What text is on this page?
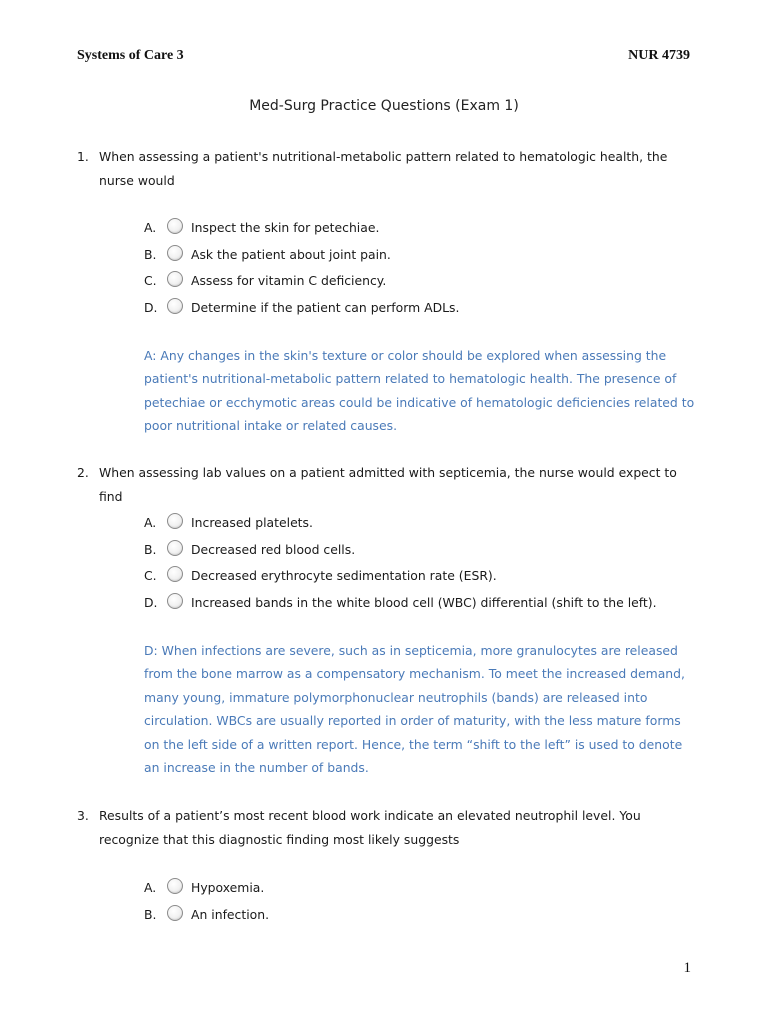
Systems of Care 3	NUR 4739
Med-Surg Practice Questions (Exam 1)
1. When assessing a patient's nutritional-metabolic pattern related to hematologic health, the nurse would
A.	Inspect the skin for petechiae.
B.	Ask the patient about joint pain.
C.	Assess for vitamin C deficiency.
D.	Determine if the patient can perform ADLs.
A: Any changes in the skin's texture or color should be explored when assessing the patient's nutritional-metabolic pattern related to hematologic health. The presence of petechiae or ecchymotic areas could be indicative of hematologic deficiencies related to poor nutritional intake or related causes.
2. When assessing lab values on a patient admitted with septicemia, the nurse would expect to find
A.	Increased platelets.
B.	Decreased red blood cells.
C.	Decreased erythrocyte sedimentation rate (ESR).
D.	Increased bands in the white blood cell (WBC) differential (shift to the left).
D: When infections are severe, such as in septicemia, more granulocytes are released from the bone marrow as a compensatory mechanism. To meet the increased demand, many young, immature polymorphonuclear neutrophils (bands) are released into circulation. WBCs are usually reported in order of maturity, with the less mature forms on the left side of a written report. Hence, the term “shift to the left” is used to denote an increase in the number of bands.
3. Results of a patient’s most recent blood work indicate an elevated neutrophil level. You recognize that this diagnostic finding most likely suggests
A.	Hypoxemia.
B.	An infection.
1
